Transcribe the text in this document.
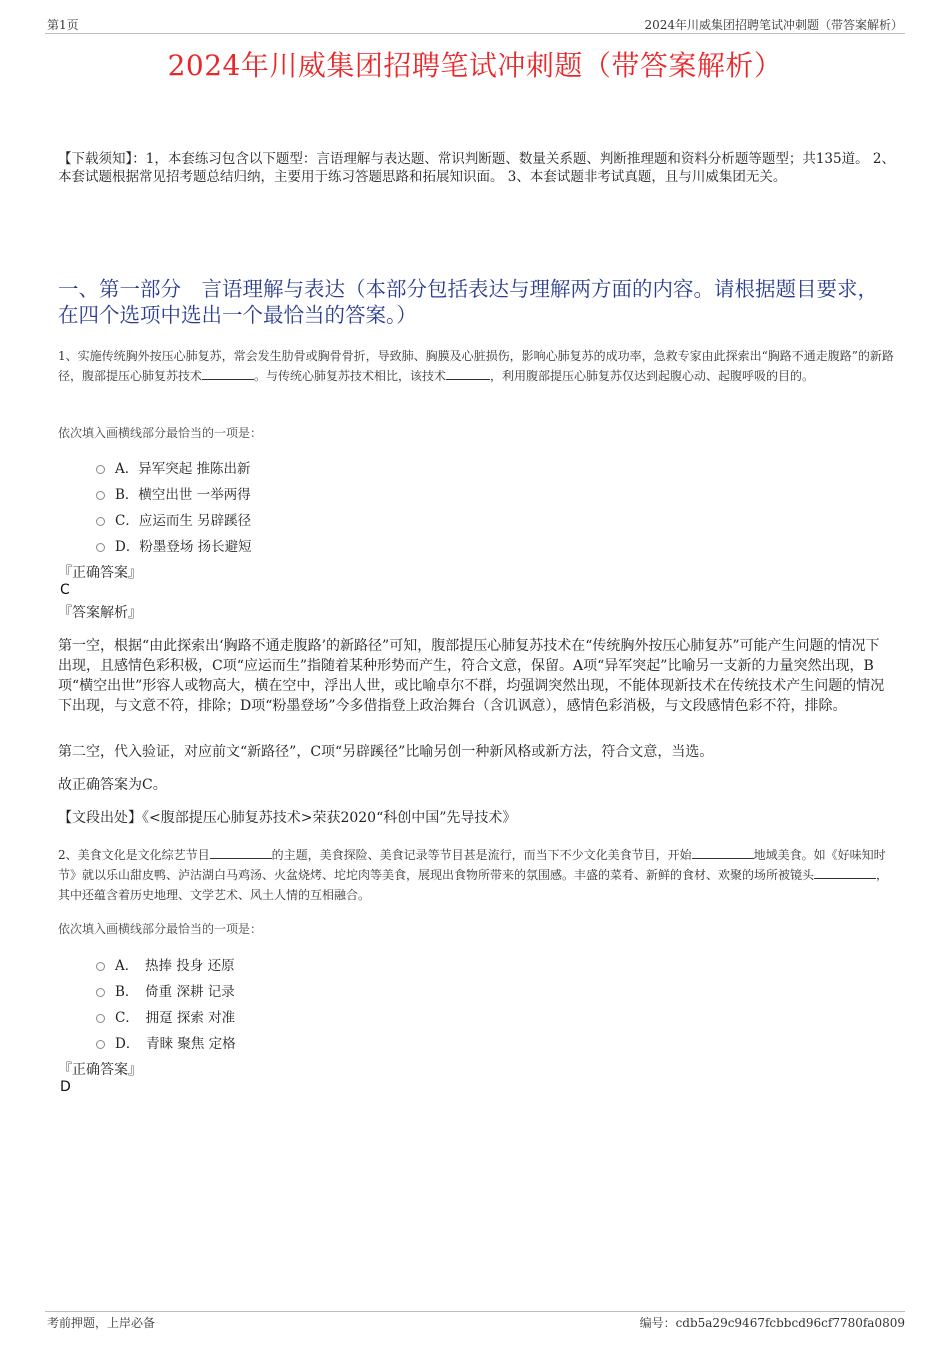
第1页	2024年川威集团招聘笔试冲刺题（带答案解析）
2024年川威集团招聘笔试冲刺题（带答案解析）
【下载须知】：1，本套练习包含以下题型：言语理解与表达题、常识判断题、数量关系题、判断推理题和资料分析题等题型；共135道。 2、本套试题根据常见招考题总结归纳，主要用于练习答题思路和拓展知识面。 3、本套试题非考试真题，且与川威集团无关。
一、第一部分　言语理解与表达（本部分包括表达与理解两方面的内容。请根据题目要求，在四个选项中选出一个最恰当的答案。）
1、实施传统胸外按压心肺复苏，常会发生肋骨或胸骨骨折，导致肺、胸膜及心脏损伤，影响心肺复苏的成功率，急救专家由此探索出“胸路不通走腹路”的新路径，腹部提压心肺复苏技术	。与传统心肺复苏技术相比，该技术	，利用腹部提压心肺复苏仅达到起腹心动、起腹呼吸的目的。
依次填入画横线部分最恰当的一项是：
A．异军突起 推陈出新
B．横空出世 一举两得
C．应运而生 另辟蹊径
D．粉墨登场 扬长避短
『正确答案』
C
『答案解析』
第一空，根据“由此探索出‘胸路不通走腹路’的新路径”可知，腹部提压心肺复苏技术在“传统胸外按压心肺复苏”可能产生问题的情况下出现，且感情色彩积极，C项“应运而生”指随着某种形势而产生，符合文意，保留。A项“异军突起”比喻另一支新的力量突然出现，B项“横空出世”形容人或物高大，横在空中，浮出人世，或比喻卓尔不群，均强调突然出现，不能体现新技术在传统技术产生问题的情况下出现，与文意不符，排除；D项“粉墨登场”今多借指登上政治舞台（含讥讽意），感情色彩消极，与文段感情色彩不符，排除。
第二空，代入验证，对应前文“新路径”，C项“另辟蹊径”比喻另创一种新风格或新方法，符合文意，当选。
故正确答案为C。
【文段出处】《<腹部提压心肺复苏技术>荣获2020“科创中国”先导技术》
2、美食文化是文化综艺节目	的主题，美食探险、美食记录等节目甚是流行，而当下不少文化美食节目，开始	地域美食。如《好味知时节》就以乐山甜皮鸭、泸沽湖白马鸡汤、火盆烧烤、坨坨肉等美食，展现出食物所带来的氛围感。丰盛的菜肴、新鲜的食材、欢聚的场所被镜头	，其中还蕴含着历史地理、文学艺术、风土人情的互相融合。
依次填入画横线部分最恰当的一项是：
A．　热捧 投身 还原
B．　倚重 深耕 记录
C．　拥趸 探索 对准
D．　青睐 聚焦 定格
『正确答案』
D
考前押题，上岸必备	编号：cdb5a29c9467fcbbcd96cf7780fa0809
